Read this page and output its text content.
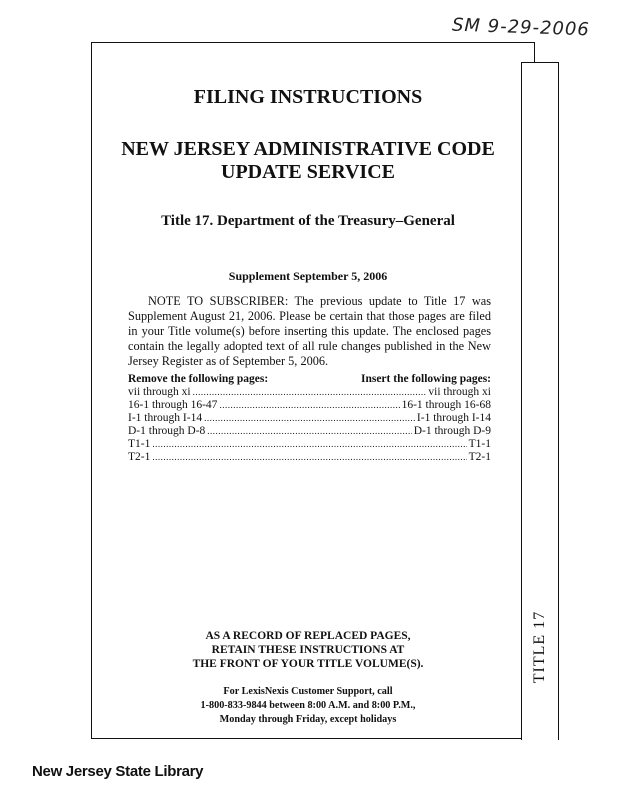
SM 9-29-2006
TITLE 17
FILING INSTRUCTIONS
NEW JERSEY ADMINISTRATIVE CODE
UPDATE SERVICE
Title 17. Department of the Treasury–General
Supplement September 5, 2006
NOTE TO SUBSCRIBER: The previous update to Title 17 was Supplement August 21, 2006. Please be certain that those pages are filed in your Title volume(s) before inserting this update. The enclosed pages contain the legally adopted text of all rule changes published in the New Jersey Register as of September 5, 2006.
Remove the following pages:	Insert the following pages:
vii through xi .....	vii through xi
16-1 through 16-47 .....	16-1 through 16-68
I-1 through I-14 .....	I-1 through I-14
D-1 through D-8 .....	D-1 through D-9
T1-1 .....	T1-1
T2-1 .....	T2-1
AS A RECORD OF REPLACED PAGES,
RETAIN THESE INSTRUCTIONS AT
THE FRONT OF YOUR TITLE VOLUME(S).
For LexisNexis Customer Support, call
1-800-833-9844 between 8:00 A.M. and 8:00 P.M.,
Monday through Friday, except holidays
New Jersey State Library
